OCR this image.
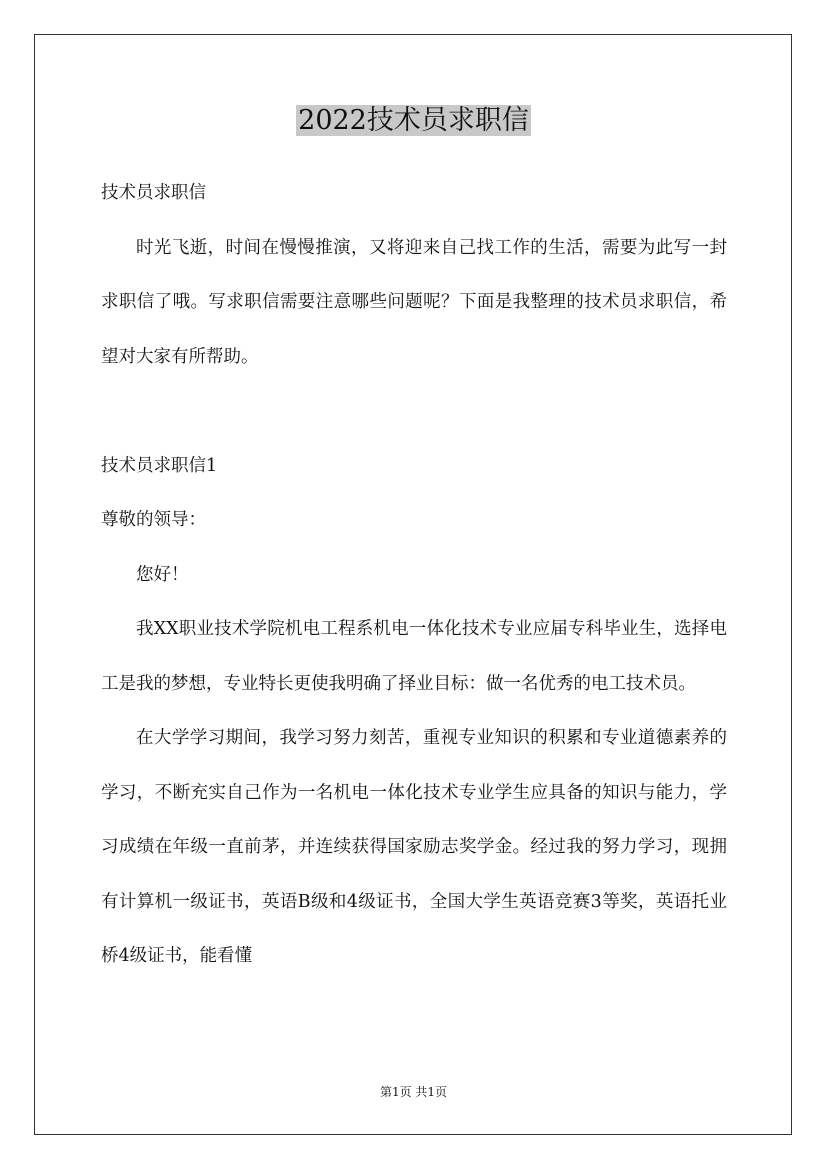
2022技术员求职信

技术员求职信

时光飞逝，时间在慢慢推演，又将迎来自己找工作的生活，需要为此写一封求职信了哦。写求职信需要注意哪些问题呢？下面是我整理的技术员求职信，希望对大家有所帮助。

技术员求职信1

尊敬的领导：

您好！

我XX职业技术学院机电工程系机电一体化技术专业应届专科毕业生，选择电工是我的梦想，专业特长更使我明确了择业目标：做一名优秀的电工技术员。

在大学学习期间，我学习努力刻苦，重视专业知识的积累和专业道德素养的学习，不断充实自己作为一名机电一体化技术专业学生应具备的知识与能力，学习成绩在年级一直前茅，并连续获得国家励志奖学金。经过我的努力学习，现拥有计算机一级证书，英语B级和4级证书，全国大学生英语竞赛3等奖，英语托业桥4级证书，能看懂

第1页 共1页
